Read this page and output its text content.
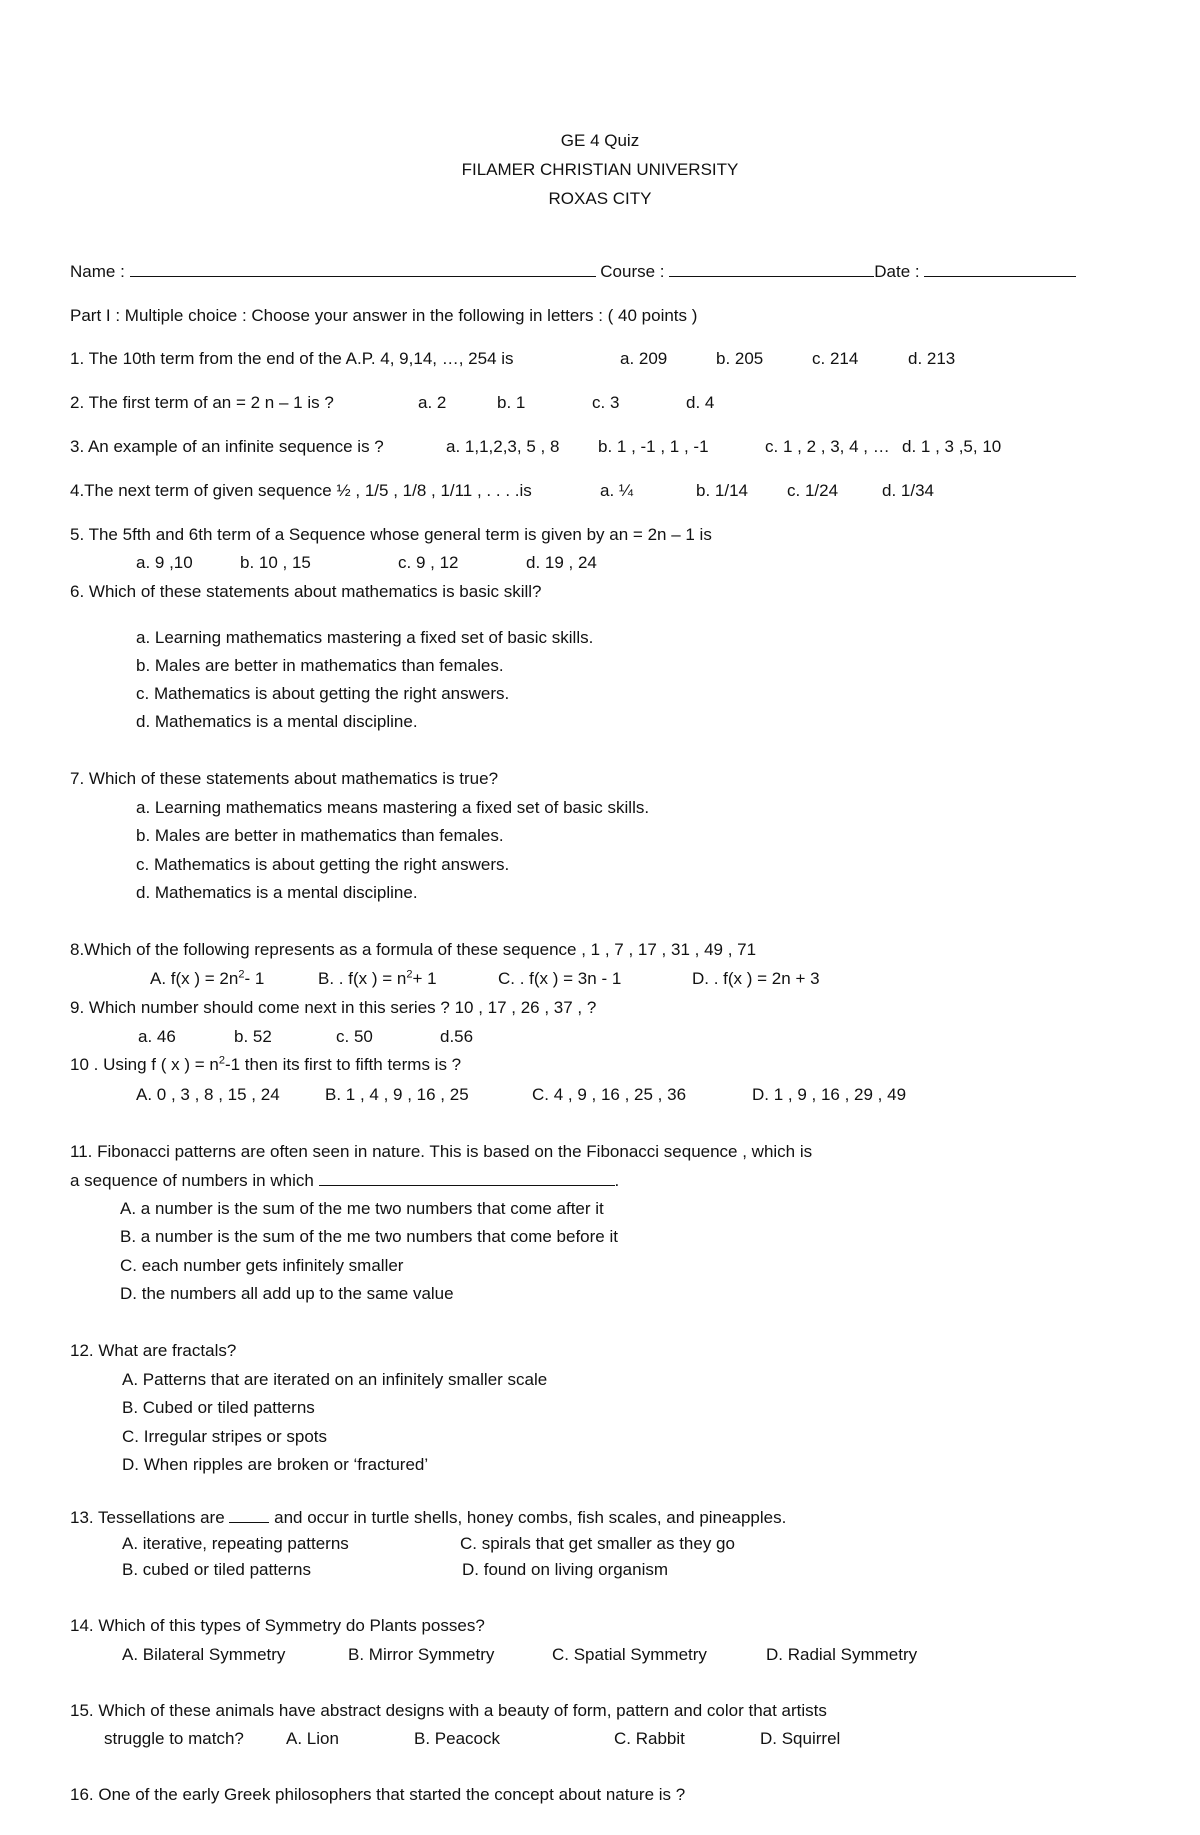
GE 4 Quiz
FILAMER CHRISTIAN UNIVERSITY
ROXAS CITY
Name :	Course :	Date :
Part I : Multiple choice : Choose your answer in the following in letters : ( 40 points )
1. The 10th term from the end of the A.P. 4, 9,14, …, 254 is	a. 209	b. 205	c. 214	d. 213
2. The first term of an = 2 n – 1 is ?	a. 2	b. 1	c. 3	d. 4
3. An example of an infinite sequence is ?	a. 1,1,2,3, 5 , 8 b. 1 , -1 , 1 , -1	c. 1 , 2 , 3, 4 , … d. 1 , 3 ,5, 10
4.The next term of given sequence ½ , 1/5 , 1/8 , 1/11 , . . . .is	a. ¼	b. 1/14 c. 1/24	d. 1/34
5. The 5fth and 6th term of a Sequence whose general term is given by an = 2n – 1 is
a. 9 ,10	b. 10 , 15	c. 9 , 12	d. 19 , 24
6. Which of these statements about mathematics is basic skill?
a. Learning mathematics mastering a fixed set of basic skills.
b. Males are better in mathematics than females.
c. Mathematics is about getting the right answers.
d. Mathematics is a mental discipline.
7. Which of these statements about mathematics is true?
a. Learning mathematics means mastering a fixed set of basic skills.
b. Males are better in mathematics than females.
c. Mathematics is about getting the right answers.
d. Mathematics is a mental discipline.
8.Which of the following represents as a formula of these sequence , 1 , 7 , 17 , 31 , 49 , 71
A. f(x ) = $2n^2-$ 1	B. . f(x ) = $n^2+ 1$	C. . f(x ) = 3n - 1	D. . f(x ) = 2n + 3
9. Which number should come next in this series ? 10 , 17 , 26 , 37 , ?
a. 46	b. 52	c. 50	d.56
10 . Using f ( x ) = $n^2-1$ then its first to fifth terms is ?
A. 0 , 3 , 8 , 15 , 24	B. 1 , 4 , 9 , 16 , 25	C. 4 , 9 , 16 , 25 , 36	D. 1 , 9 , 16 , 29 , 49
11. Fibonacci patterns are often seen in nature. This is based on the Fibonacci sequence , which is
a sequence of numbers in which	.
A. a number is the sum of the me two numbers that come after it
B. a number is the sum of the me two numbers that come before it
C. each number gets infinitely smaller
D. the numbers all add up to the same value
12. What are fractals?
A. Patterns that are iterated on an infinitely smaller scale
B. Cubed or tiled patterns
C. Irregular stripes or spots
D. When ripples are broken or ‘fractured’
13. Tessellations are	and occur in turtle shells, honey combs, fish scales, and pineapples.
A. iterative, repeating patterns	C. spirals that get smaller as they go
B. cubed or tiled patterns	D. found on living organism
14. Which of this types of Symmetry do Plants posses?
A. Bilateral Symmetry	B. Mirror Symmetry	C. Spatial Symmetry	D. Radial Symmetry
15. Which of these animals have abstract designs with a beauty of form, pattern and color that artists
struggle to match? A. Lion	B. Peacock	C. Rabbit	D. Squirrel
16. One of the early Greek philosophers that started the concept about nature is ?
